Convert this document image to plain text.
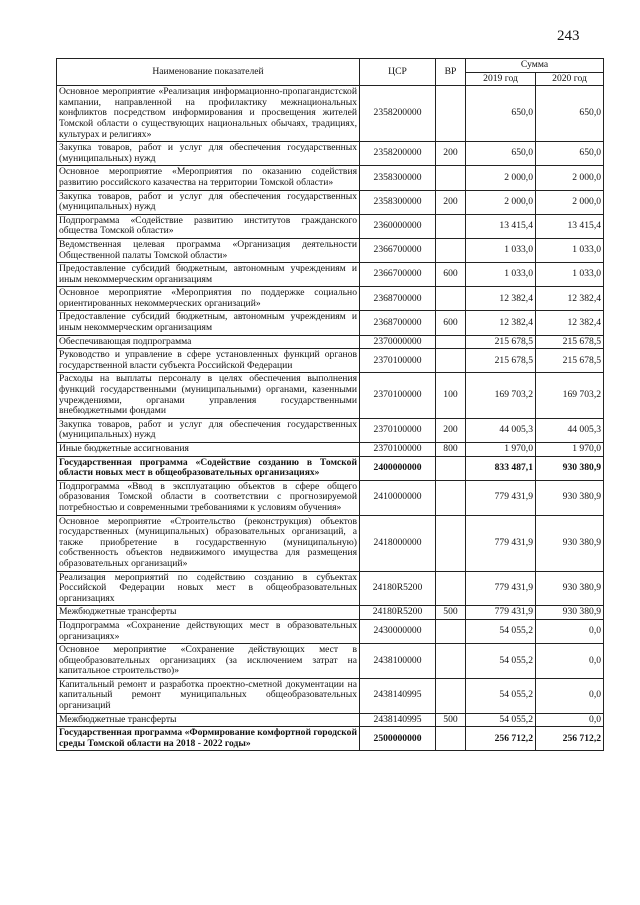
243
Наименование показателей	ЦСР	ВР	Сумма	
			2019 год	2020 год
Основное мероприятие «Реализация информационно-пропагандистской кампании, направленной на профилактику межнациональных конфликтов посредством информирования и просвещения жителей Томской области о существующих национальных обычаях, традициях, культурах и религиях»	2358200000		650,0	650,0
Закупка товаров, работ и услуг для обеспечения государственных (муниципальных) нужд	2358200000	200	650,0	650,0
Основное мероприятие «Мероприятия по оказанию содействия развитию российского казачества на территории Томской области»	2358300000		2 000,0	2 000,0
Закупка товаров, работ и услуг для обеспечения государственных (муниципальных) нужд	2358300000	200	2 000,0	2 000,0
Подпрограмма «Содействие развитию институтов гражданского общества Томской области»	2360000000		13 415,4	13 415,4
Ведомственная целевая программа «Организация деятельности Общественной палаты Томской области»	2366700000		1 033,0	1 033,0
Предоставление субсидий бюджетным, автономным учреждениям и иным некоммерческим организациям	2366700000	600	1 033,0	1 033,0
Основное мероприятие «Мероприятия по поддержке социально ориентированных некоммерческих организаций»	2368700000		12 382,4	12 382,4
Предоставление субсидий бюджетным, автономным учреждениям и иным некоммерческим организациям	2368700000	600	12 382,4	12 382,4
Обеспечивающая подпрограмма	2370000000		215 678,5	215 678,5
Руководство и управление в сфере установленных функций органов государственной власти субъекта Российской Федерации	2370100000		215 678,5	215 678,5
Расходы на выплаты персоналу в целях обеспечения выполнения функций государственными (муниципальными) органами, казенными учреждениями, органами управления государственными внебюджетными фондами	2370100000	100	169 703,2	169 703,2
Закупка товаров, работ и услуг для обеспечения государственных (муниципальных) нужд	2370100000	200	44 005,3	44 005,3
Иные бюджетные ассигнования	2370100000	800	1 970,0	1 970,0
Государственная программа «Содействие созданию в Томской области новых мест в общеобразовательных организациях»	2400000000		833 487,1	930 380,9
Подпрограмма «Ввод в эксплуатацию объектов в сфере общего образования Томской области в соответствии с прогнозируемой потребностью и современными требованиями к условиям обучения»	2410000000		779 431,9	930 380,9
Основное мероприятие «Строительство (реконструкция) объектов государственных (муниципальных) образовательных организаций, а также приобретение в государственную (муниципальную) собственность объектов недвижимого имущества для размещения образовательных организаций»	2418000000		779 431,9	930 380,9
Реализация мероприятий по содействию созданию в субъектах Российской Федерации новых мест в общеобразовательных организациях	24180R5200		779 431,9	930 380,9
Межбюджетные трансферты	24180R5200	500	779 431,9	930 380,9
Подпрограмма «Сохранение действующих мест в образовательных организациях»	2430000000		54 055,2	0,0
Основное мероприятие «Сохранение действующих мест в общеобразовательных организациях (за исключением затрат на капитальное строительство)»	2438100000		54 055,2	0,0
Капитальный ремонт и разработка проектно-сметной документации на капитальный ремонт муниципальных общеобразовательных организаций	2438140995		54 055,2	0,0
Межбюджетные трансферты	2438140995	500	54 055,2	0,0
Государственная программа «Формирование комфортной городской среды Томской области на 2018 - 2022 годы»	2500000000		256 712,2	256 712,2
